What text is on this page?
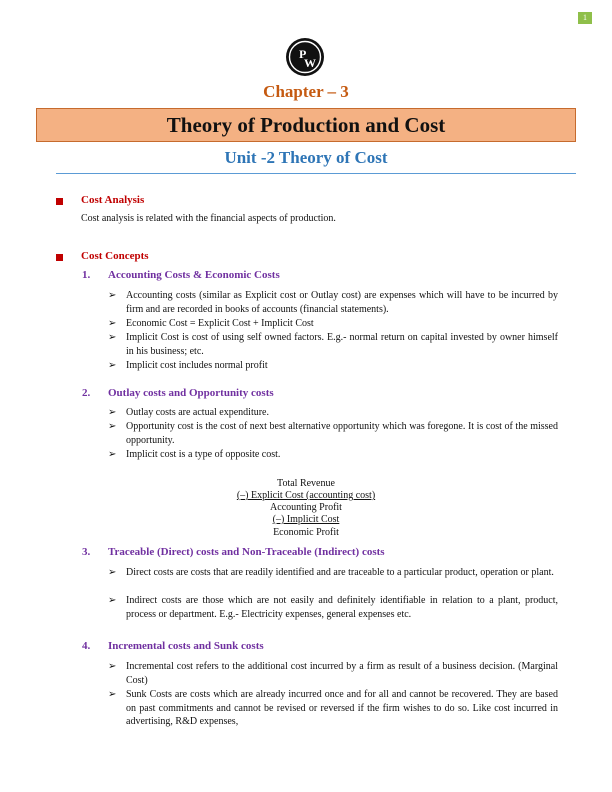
1
P
W
Chapter – 3
Theory of Production and Cost
Unit -2 Theory of Cost
Cost Analysis
Cost analysis is related with the financial aspects of production.
Cost Concepts
1. Accounting Costs & Economic Costs
➢ Accounting costs (similar as Explicit cost or Outlay cost) are expenses which will have to be incurred by firm and are recorded in books of accounts (financial statements).
➢ Economic Cost = Explicit Cost + Implicit Cost
➢ Implicit Cost is cost of using self owned factors. E.g.- normal return on capital invested by owner himself in his business; etc.
➢ Implicit cost includes normal profit
2. Outlay costs and Opportunity costs
➢ Outlay costs are actual expenditure.
➢ Opportunity cost is the cost of next best alternative opportunity which was foregone. It is cost of the missed opportunity.
➢ Implicit cost is a type of opposite cost.
Total Revenue
(–) Explicit Cost (accounting cost)
Accounting Profit
(–) Implicit Cost
Economic Profit
3. Traceable (Direct) costs and Non-Traceable (Indirect) costs
➢ Direct costs are costs that are readily identified and are traceable to a particular product, operation or plant.
➢ Indirect costs are those which are not easily and definitely identifiable in relation to a plant, product, process or department. E.g.- Electricity expenses, general expenses etc.
4. Incremental costs and Sunk costs
➢ Incremental cost refers to the additional cost incurred by a firm as result of a business decision. (Marginal Cost)
➢ Sunk Costs are costs which are already incurred once and for all and cannot be recovered. They are based on past commitments and cannot be revised or reversed if the firm wishes to do so. Like cost incurred in advertising, R&D expenses,
